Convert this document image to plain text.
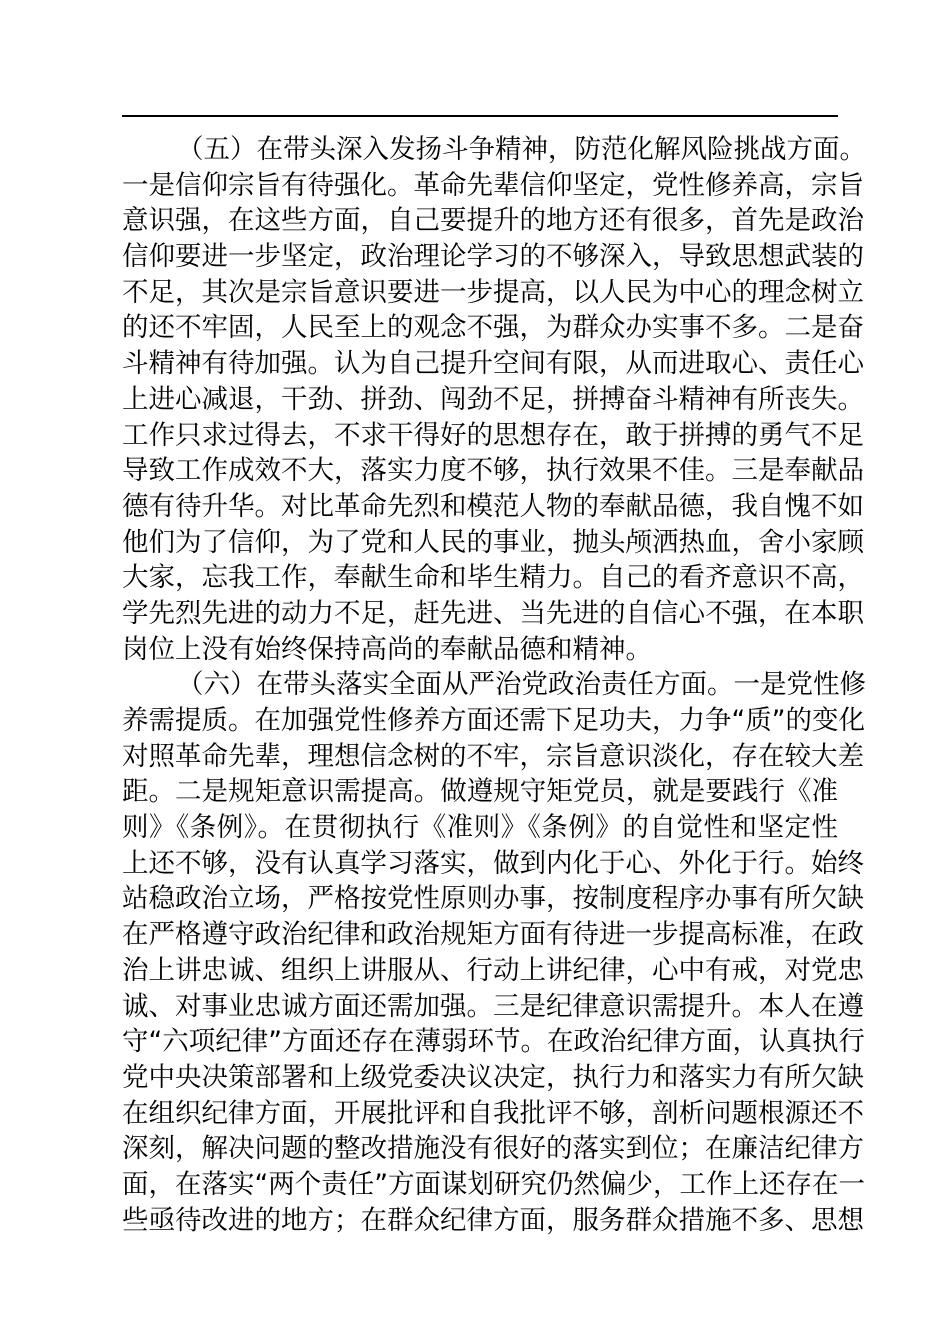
（五）在带头深入发扬斗争精神，防范化解风险挑战方面。
一是信仰宗旨有待强化。革命先辈信仰坚定，党性修养高，宗旨
意识强，在这些方面，自己要提升的地方还有很多，首先是政治
信仰要进一步坚定，政治理论学习的不够深入，导致思想武装的
不足，其次是宗旨意识要进一步提高，以人民为中心的理念树立
的还不牢固，人民至上的观念不强，为群众办实事不多。二是奋
斗精神有待加强。认为自己提升空间有限，从而进取心、责任心
上进心减退，干劲、拼劲、闯劲不足，拼搏奋斗精神有所丧失。
工作只求过得去，不求干得好的思想存在，敢于拼搏的勇气不足
导致工作成效不大，落实力度不够，执行效果不佳。三是奉献品
德有待升华。对比革命先烈和模范人物的奉献品德，我自愧不如
他们为了信仰，为了党和人民的事业，抛头颅洒热血，舍小家顾
大家，忘我工作，奉献生命和毕生精力。自己的看齐意识不高，
学先烈先进的动力不足，赶先进、当先进的自信心不强，在本职
岗位上没有始终保持高尚的奉献品德和精神。
（六）在带头落实全面从严治党政治责任方面。一是党性修
养需提质。在加强党性修养方面还需下足功夫，力争“质”的变化
对照革命先辈，理想信念树的不牢，宗旨意识淡化，存在较大差
距。二是规矩意识需提高。做遵规守矩党员，就是要践行《准
则》《条例》。在贯彻执行《准则》《条例》的自觉性和坚定性
上还不够，没有认真学习落实，做到内化于心、外化于行。始终
站稳政治立场，严格按党性原则办事，按制度程序办事有所欠缺
在严格遵守政治纪律和政治规矩方面有待进一步提高标准，在政
治上讲忠诚、组织上讲服从、行动上讲纪律，心中有戒，对党忠
诚、对事业忠诚方面还需加强。三是纪律意识需提升。本人在遵
守“六项纪律”方面还存在薄弱环节。在政治纪律方面，认真执行
党中央决策部署和上级党委决议决定，执行力和落实力有所欠缺
在组织纪律方面，开展批评和自我批评不够，剖析问题根源还不
深刻，解决问题的整改措施没有很好的落实到位；在廉洁纪律方
面，在落实“两个责任”方面谋划研究仍然偏少，工作上还存在一
些亟待改进的地方；在群众纪律方面，服务群众措施不多、思想
